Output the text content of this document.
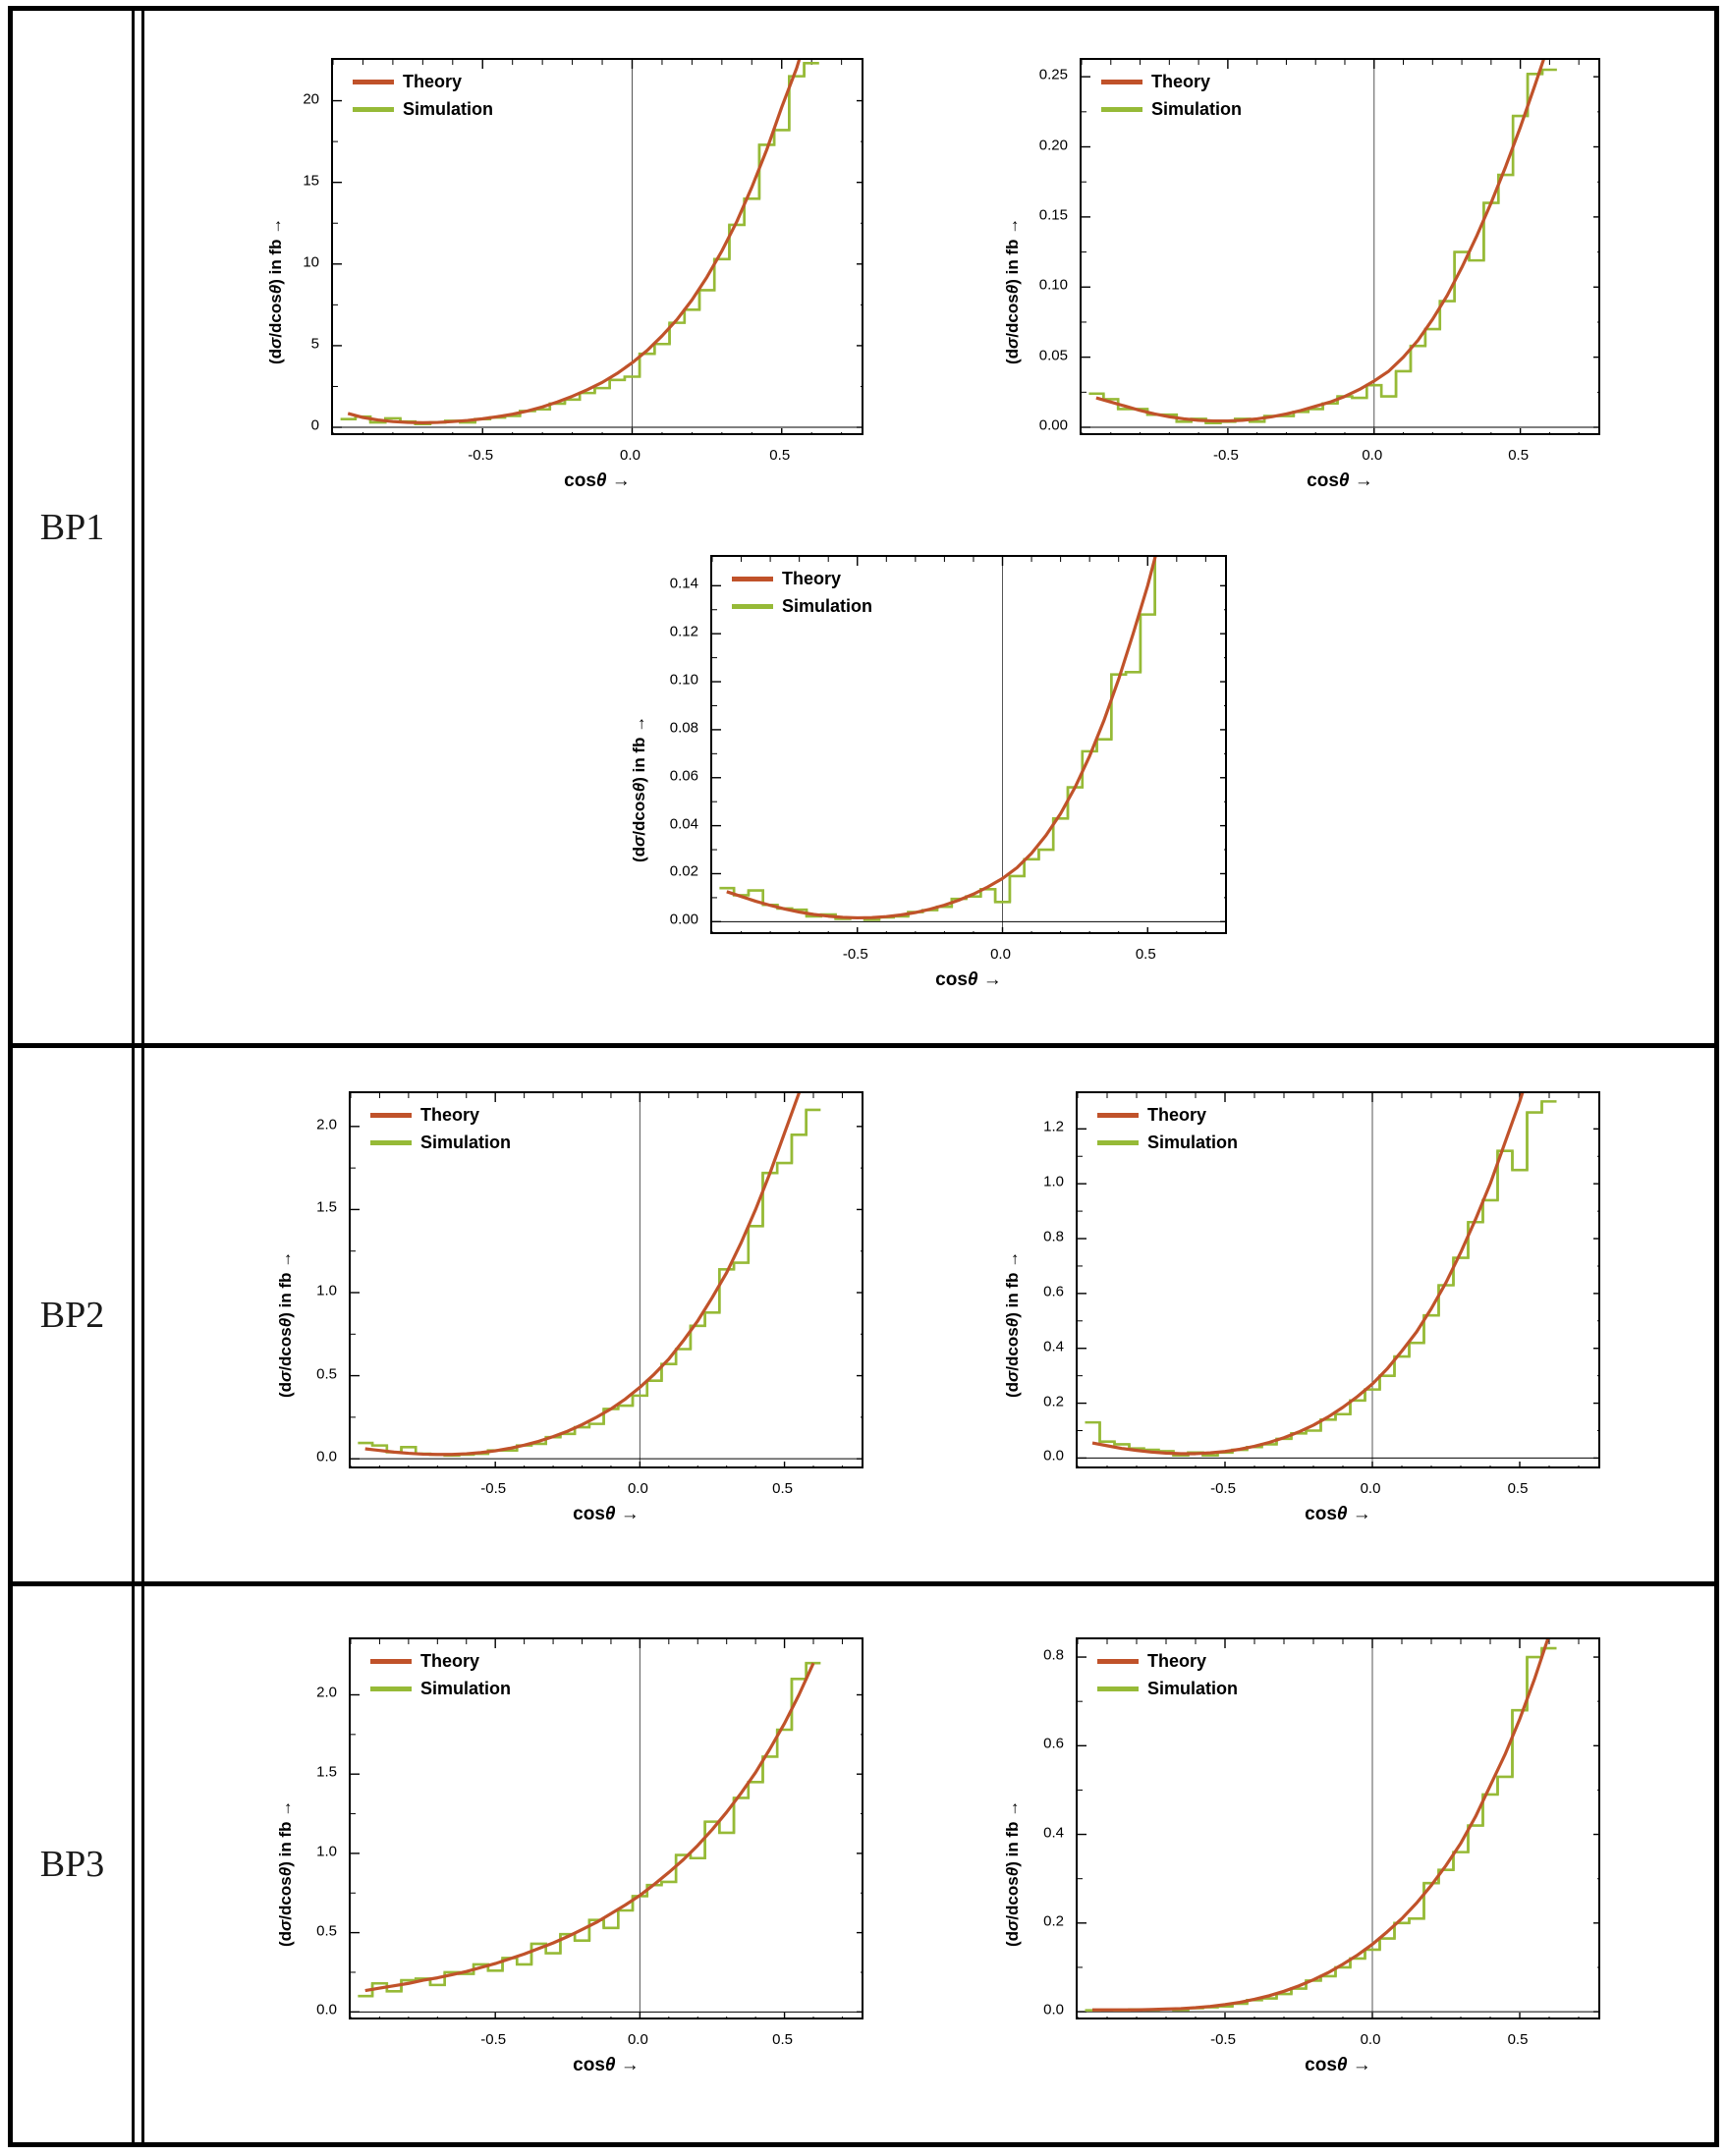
BP1
Theory
Simulation
-0.5	0.0	0.5
0
5
10
15
20
cosθ →
(dσ/dcosθ) in fb →
Theory
Simulation
-0.5	0.0	0.5
0.00
0.05
0.10
0.15
0.20
0.25
cosθ →
(dσ/dcosθ) in fb →
Theory
Simulation
-0.5	0.0	0.5
0.00
0.02
0.04
0.06
0.08
0.10
0.12
0.14
cosθ →
(dσ/dcosθ) in fb →
BP2
Theory
Simulation
-0.5	0.0	0.5
0.0
0.5
1.0
1.5
2.0
cosθ →
(dσ/dcosθ) in fb →
Theory
Simulation
-0.5	0.0	0.5
0.0
0.2
0.4
0.6
0.8
1.0
1.2
cosθ →
(dσ/dcosθ) in fb →
BP3
Theory
Simulation
-0.5	0.0	0.5
0.0
0.5
1.0
1.5
2.0
cosθ →
(dσ/dcosθ) in fb →
Theory
Simulation
-0.5	0.0	0.5
0.0
0.2
0.4
0.6
0.8
cosθ →
(dσ/dcosθ) in fb →
